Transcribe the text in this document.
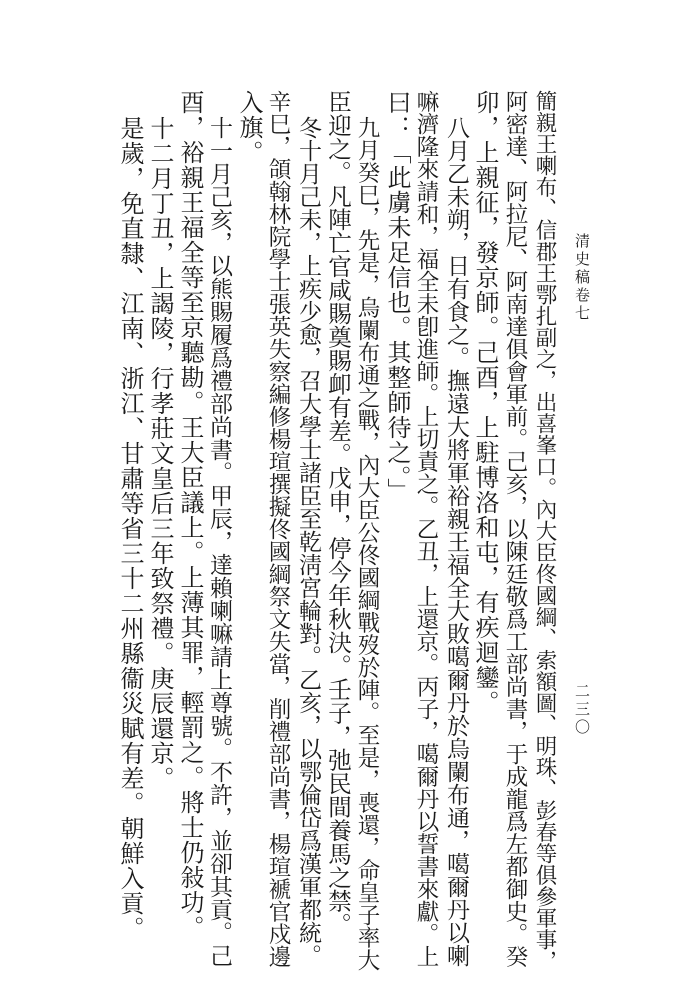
清史稿卷七
二三〇
簡親王喇布、信郡王鄂扎副之，出喜峯口。內大臣佟國綱、索額圖、明珠、彭春等俱參軍事，
阿密達、阿拉尼、阿南達俱會軍前。己亥，以陳廷敬爲工部尚書，于成龍爲左都御史。癸
卯，上親征，發京師。己酉，上駐博洛和屯，有疾迴鑾。
八月乙未朔，日有食之。撫遠大將軍裕親王福全大敗噶爾丹於烏闌布通，噶爾丹以喇
嘛濟隆來請和，福全未卽進師。上切責之。乙丑，上還京。丙子，噶爾丹以誓書來獻。上
曰：「此虜未足信也。其整師待之。」
九月癸巳，先是，烏闌布通之戰，內大臣公佟國綱戰歿於陣。至是，喪還，命皇子率大
臣迎之。凡陣亡官咸賜奠賜卹有差。戊申，停今年秋決。壬子，弛民間養馬之禁。
冬十月己未，上疾少愈，召大學士諸臣至乾淸宮輪對。乙亥，以鄂倫岱爲漢軍都統。
辛巳，頜翰林院學士張英失察編修楊瑄撰擬佟國綱祭文失當，削禮部尚書，楊瑄褫官戍邊
入旗。
十一月己亥，以熊賜履爲禮部尚書。甲辰，達賴喇嘛請上尊號。不許，並卻其貢。己
酉，裕親王福全等至京聽勘。王大臣議上。上薄其罪，輕罰之。將士仍敍功。
十二月丁丑，上謁陵，行孝莊文皇后三年致祭禮。庚辰還京。
是歲，免直隸、江南、浙江、甘肅等省三十二州縣衞災賦有差。朝鮮入貢。
